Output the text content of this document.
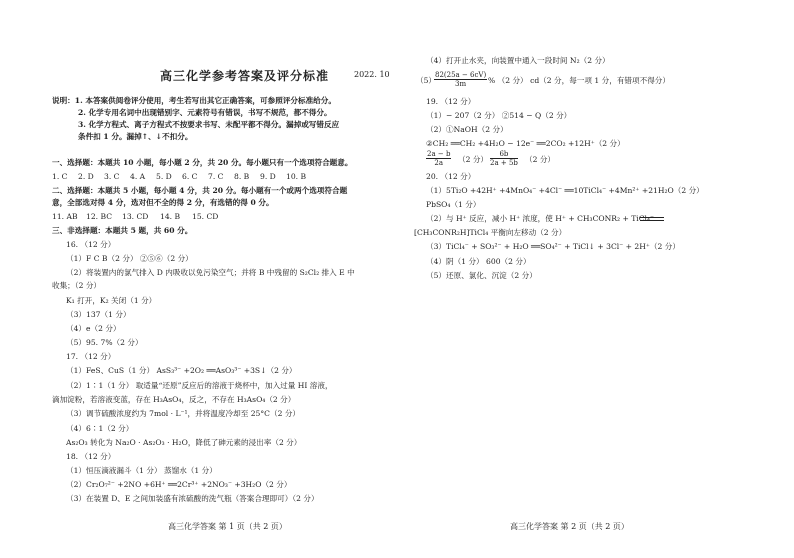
高三化学参考答案及评分标准	2022. 10
说明：1. 本答案供阅卷评分使用，考生若写出其它正确答案，可参照评分标准给分。
2. 化学专用名词中出现错别字、元素符号有错误，书写不规范，都不得分。
3. 化学方程式、离子方程式不按要求书写、未配平都不得分。漏掉或写错反应
条件扣 1 分。漏掉↑、↓不扣分。
一、选择题：本题共 10 小题，每小题 2 分，共 20 分。每小题只有一个选项符合题意。
1. C 2. D 3. C 4. A 5. D 6. C 7. C 8. B 9. D 10. B
二、选择题：本题共 5 小题，每小题 4 分，共 20 分。每小题有一个或两个选项符合题
意，全部选对得 4 分，选对但不全的得 2 分，有选错的得 0 分。
11. AB 12. BC 13. CD 14. B 15. CD
三、非选择题：本题共 5 题，共 60 分。
16. （12 分）
（1）F C B（2 分） ②⑤⑥（2 分）
（2）将装置内的氯气排入 D 内吸收以免污染空气；并将 B 中残留的 S₂Cl₂ 排入 E 中
收集；（2 分）
K₁ 打开，K₂ 关闭（1 分）
（3）137（1 分）
（4）e（2 分）
（5）95. 7%（2 分）
17. （12 分）
（1）FeS、CuS（1 分） AsS₃³⁻ +2O₂ ══AsO₃³⁻ +3S↓（2 分）
（2）1∶1（1 分） 取适量“还原”反应后的溶液于烧杯中，加入过量 HI 溶液，
滴加淀粉，若溶液变蓝，存在 H₃AsO₄，反之，不存在 H₃AsO₄（2 分）
（3）调节硫酸浓度约为 7mol · L⁻¹，并将温度冷却至 25°C（2 分）
（4）6∶1（2 分）
As₂O₃ 转化为 Na₂O · As₂O₃ · H₂O，降低了砷元素的浸出率（2 分）
18. （12 分）
（1）恒压滴液漏斗（1 分） 蒸馏水（1 分）
（2）Cr₂O₇²⁻ +2NO +6H⁺ ══2Cr³⁺ +2NO₃⁻ +3H₂O（2 分）
（3）在装置 D、E 之间加装盛有浓硫酸的洗气瓶（答案合理即可）（2 分）
高三化学答案 第 1 页（共 2 页）
（4）打开止水夹，向装置中通入一段时间 N₂（2 分）
$\frac{82(25a - 6cV)}{3m}$
（5）	% （2 分） cd（2 分，每一项 1 分，有错项不得分）
19. （12 分）
（1）− 207（2 分） ②514 − Q（2 分）
（2）①NaOH（2 分）
②CH₂ ══CH₂ +4H₂O − 12e⁻ ══2CO₂ +12H⁺（2 分）
$\frac{2a - b}{2a} (2$ 分） $\frac{6b}{2a + 5b} (2$ 分）
20. （12 分）
（1）5Ti₂O +42H⁺ +4MnO₄⁻ +4Cl⁻ ══10TiCl₄⁻ +4Mn²⁺ +21H₂O（2 分）
PbSO₄（1 分）
（2）与 H⁺ 反应，减小 H⁺ 浓度，使 H⁺ + CH₃CONR₂ + TiCl₄⁻
[CH₃CONR₂H]TiCl₄ 平衡向左移动（2 分）
（3）TiCl₄⁻ + SO₃²⁻ + H₂O ══SO₄²⁻ + TiCl↓ + 3Cl⁻ + 2H⁺（2 分）
（4）阴（1 分） 600（2 分）
（5）还原、氯化、沉淀（2 分）
高三化学答案 第 2 页（共 2 页）
